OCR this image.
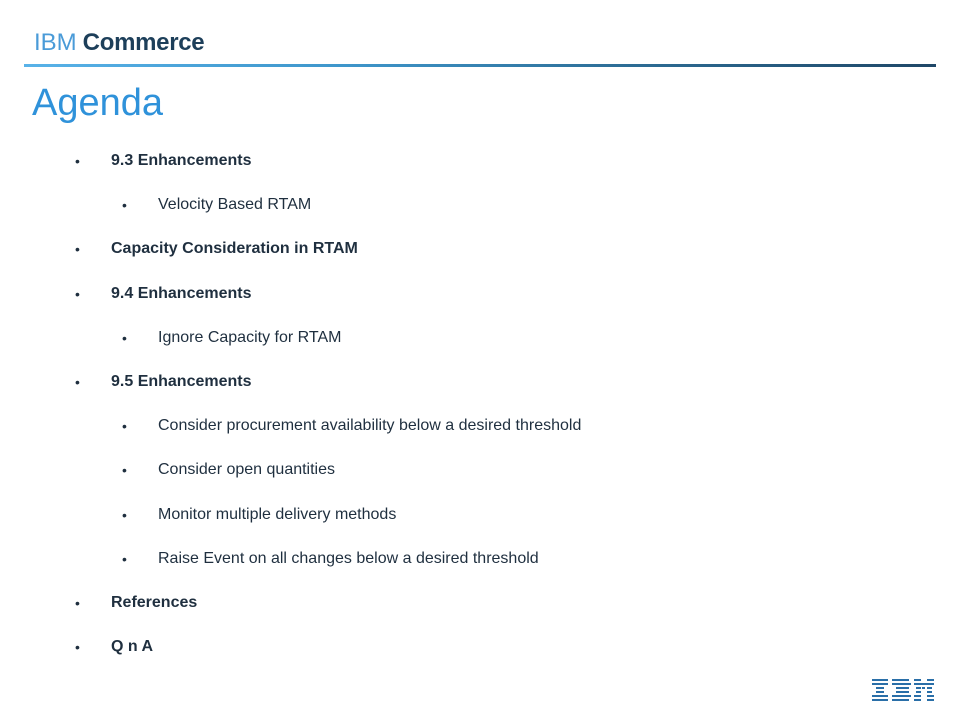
IBM Commerce
Agenda
• 9.3 Enhancements
• Velocity Based RTAM
• Capacity Consideration in RTAM
• 9.4 Enhancements
• Ignore Capacity for RTAM
• 9.5 Enhancements
• Consider procurement availability below a desired threshold
• Consider open quantities
• Monitor multiple delivery methods
• Raise Event on all changes below a desired threshold
• References
• Q n A
